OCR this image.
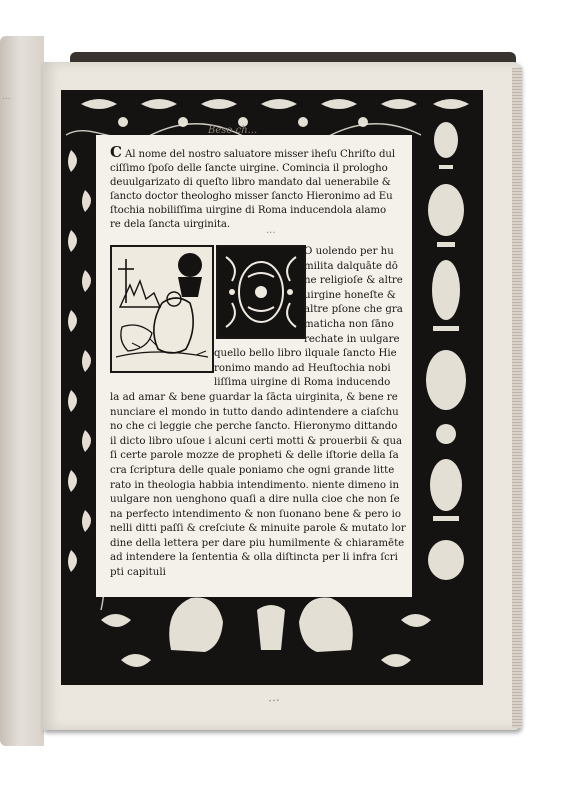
...
C Al nome del nostro saluatore misser iheſu Chriſto dul
ciſſimo ſpoſo delle ſancte uirgine. Comincia il prologho
deuulgarizato di queſto libro mandato dal uenerabile &
ſancto doctor theologho misser ſancto Hieronimo ad Eu
ſtochia nobiliſſima uirgine di Roma inducendola alamo
re dela ſancta uirginita.
O uolendo per hu
milita dalquāte dō
ne religioſe & altre
uirgine honeſte &
altre pſone che gra
maticha non ſāno
rechate in uulgare
quello bello libro ilquale ſancto Hie
ronimo mando ad Heuſtochia nobi
liſſima uirgine di Roma inducendo
la ad amar & bene guardar la ſācta uirginita, & bene re
nunciare el mondo in tutto dando adintendere a ciaſchu
no che ci leggie che perche ſancto. Hieronymo dittando
il dicto libro uſoue i alcuni certi motti & prouerbii & qua
ſi certe parole mozze de propheti & delle iſtorie della ſa
cra ſcriptura delle quale poniamo che ogni grande litte
rato in theologia habbia intendimento. niente dimeno in
uulgare non uenghono quaſi a dire nulla cioe che non ſe
na perfecto intendimento & non ſuonano bene & pero io
nelli ditti paſſi & creſciute & minuite parole & mutato lor
dine della lettera per dare piu humilmente & chiaramēte
ad intendere la ſententia & olla diſtincta per li infra ſcri
pti capituli
Beso ch...
...
...
